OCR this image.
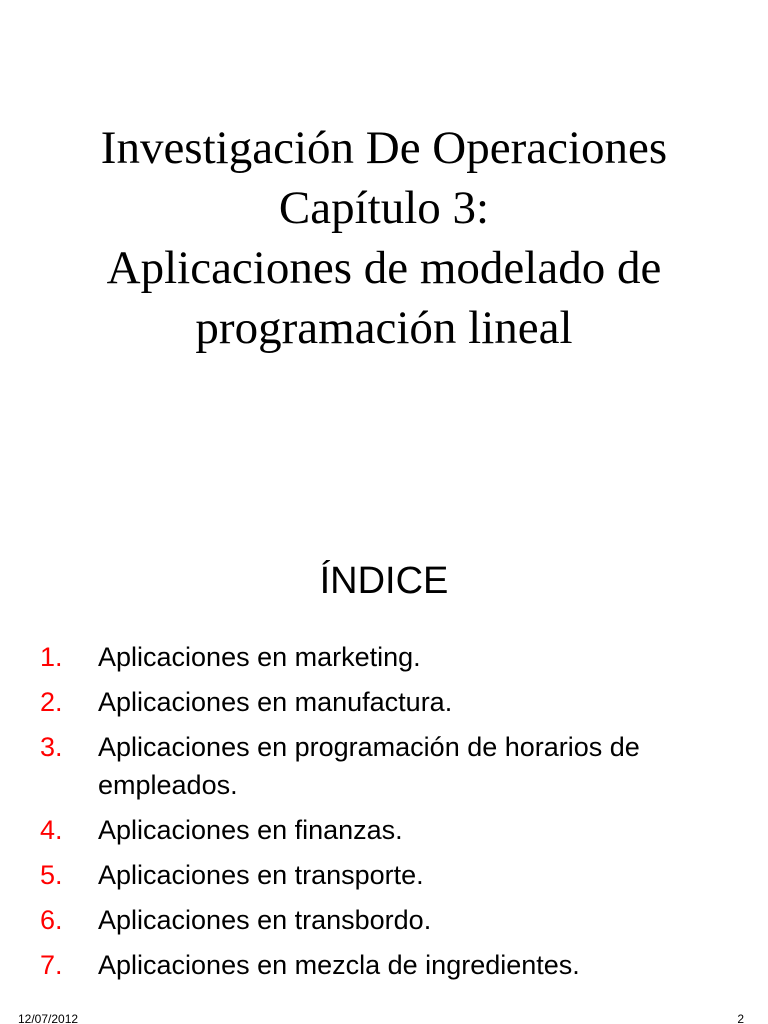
Investigación De Operaciones
Capítulo 3:
Aplicaciones de modelado de
programación lineal
ÍNDICE
1. Aplicaciones en marketing.
2. Aplicaciones en manufactura.
3. Aplicaciones en programación de horarios de empleados.
4. Aplicaciones en finanzas.
5. Aplicaciones en transporte.
6. Aplicaciones en transbordo.
7. Aplicaciones en mezcla de ingredientes.
12/07/2012	2
